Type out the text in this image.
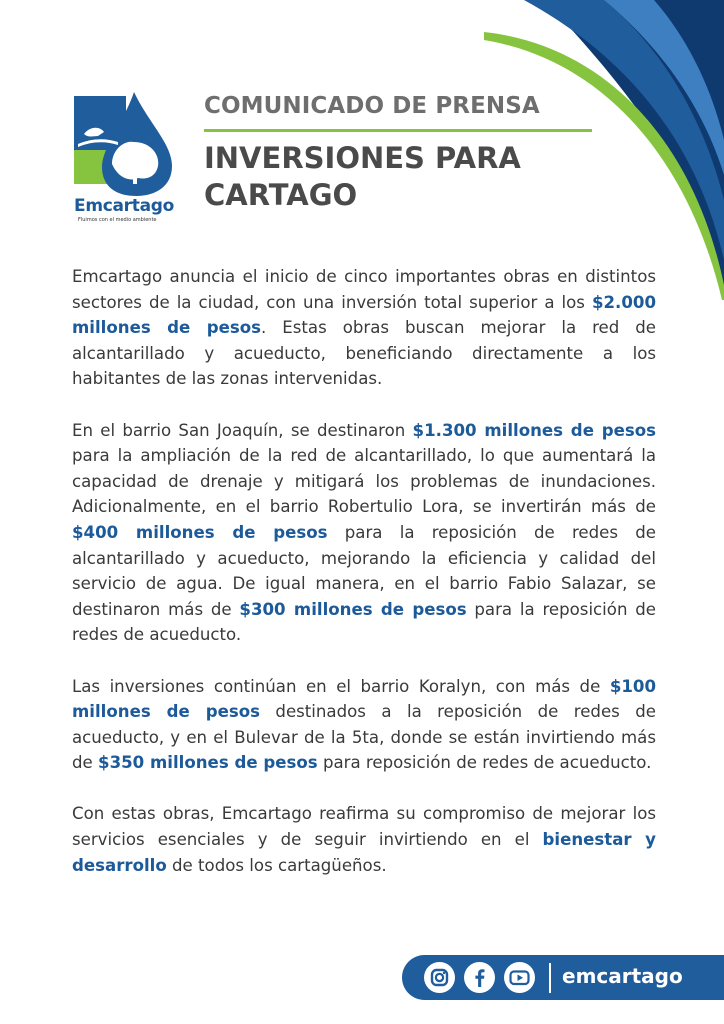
Emcartago
Fluimos con el medio ambiente
COMUNICADO DE PRENSA
INVERSIONES PARA
CARTAGO

Emcartago anuncia el inicio de cinco importantes obras en distintos sectores de la ciudad, con una inversión total superior a los $2.000 millones de pesos. Estas obras buscan mejorar la red de alcantarillado y acueducto, beneficiando directamente a los habitantes de las zonas intervenidas.

En el barrio San Joaquín, se destinaron $1.300 millones de pesos para la ampliación de la red de alcantarillado, lo que aumentará la capacidad de drenaje y mitigará los problemas de inundaciones. Adicionalmente, en el barrio Robertulio Lora, se invertirán más de $400 millones de pesos para la reposición de redes de alcantarillado y acueducto, mejorando la eficiencia y calidad del servicio de agua. De igual manera, en el barrio Fabio Salazar, se destinaron más de $300 millones de pesos para la reposición de redes de acueducto.

Las inversiones continúan en el barrio Koralyn, con más de $100 millones de pesos destinados a la reposición de redes de acueducto, y en el Bulevar de la 5ta, donde se están invirtiendo más de $350 millones de pesos para reposición de redes de acueducto.

Con estas obras, Emcartago reafirma su compromiso de mejorar los servicios esenciales y de seguir invirtiendo en el bienestar y desarrollo de todos los cartagüeños.

emcartago
